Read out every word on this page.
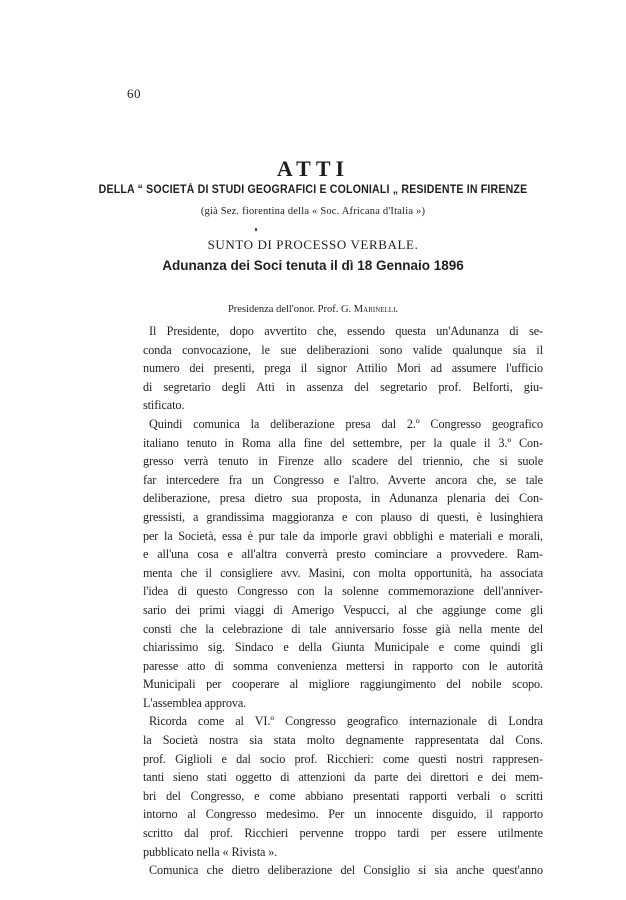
60
ATTI
DELLA “ SOCIETÀ DI STUDI GEOGRAFICI E COLONIALI „ RESIDENTE IN FIRENZE
(già Sez. fiorentina della « Soc. Africana d'Italia »)
SUNTO DI PROCESSO VERBALE.
Adunanza dei Soci tenuta il dì 18 Gennaio 1896
Presidenza dell'onor. Prof. G. Marinelli.
Il Presidente, dopo avvertito che, essendo questa un'Adunanza di se-
conda convocazione, le sue deliberazioni sono valide qualunque sia il
numero dei presenti, prega il signor Attilio Mori ad assumere l'ufficio
di segretario degli Atti in assenza del segretario prof. Belforti, giu-
stificato.
Quindi comunica la deliberazione presa dal 2.º Congresso geografico
italiano tenuto in Roma alla fine del settembre, per la quale il 3.º Con-
gresso verrà tenuto in Firenze allo scadere del triennio, che si suole
far intercedere fra un Congresso e l'altro. Avverte ancora che, se tale
deliberazione, presa dietro sua proposta, in Adunanza plenaria dei Con-
gressisti, a grandissima maggioranza e con plauso di questi, è lusinghiera
per la Società, essa è pur tale da imporle gravi obblighi e materiali e morali,
e all'una cosa e all'altra converrà presto cominciare a provvedere. Ram-
menta che il consigliere avv. Masini, con molta opportunità, ha associata
l'idea di questo Congresso con la solenne commemorazione dell'anniver-
sario dei primi viaggi di Amerigo Vespucci, al che aggiunge come gli
consti che la celebrazione di tale anniversario fosse già nella mente del
chiarissimo sig. Sindaco e della Giunta Municipale e come quindi gli
paresse atto di somma convenienza mettersi in rapporto con le autorità
Municipali per cooperare al migliore raggiungimento del nobile scopo.
L'assemblea approva.
Ricorda come al VI.º Congresso geografico internazionale di Londra
la Società nostra sia stata molto degnamente rappresentata dal Cons.
prof. Giglioli e dal socio prof. Ricchieri: come questi nostri rappresen-
tanti sieno stati oggetto di attenzioni da parte dei direttori e dei mem-
bri del Congresso, e come abbiano presentati rapporti verbali o scritti
intorno al Congresso medesimo. Per un innocente disguido, il rapporto
scritto dal prof. Ricchieri pervenne troppo tardi per essere utilmente
pubblicato nella « Rivista ».
Comunica che dietro deliberazione del Consiglio si sia anche quest'anno
